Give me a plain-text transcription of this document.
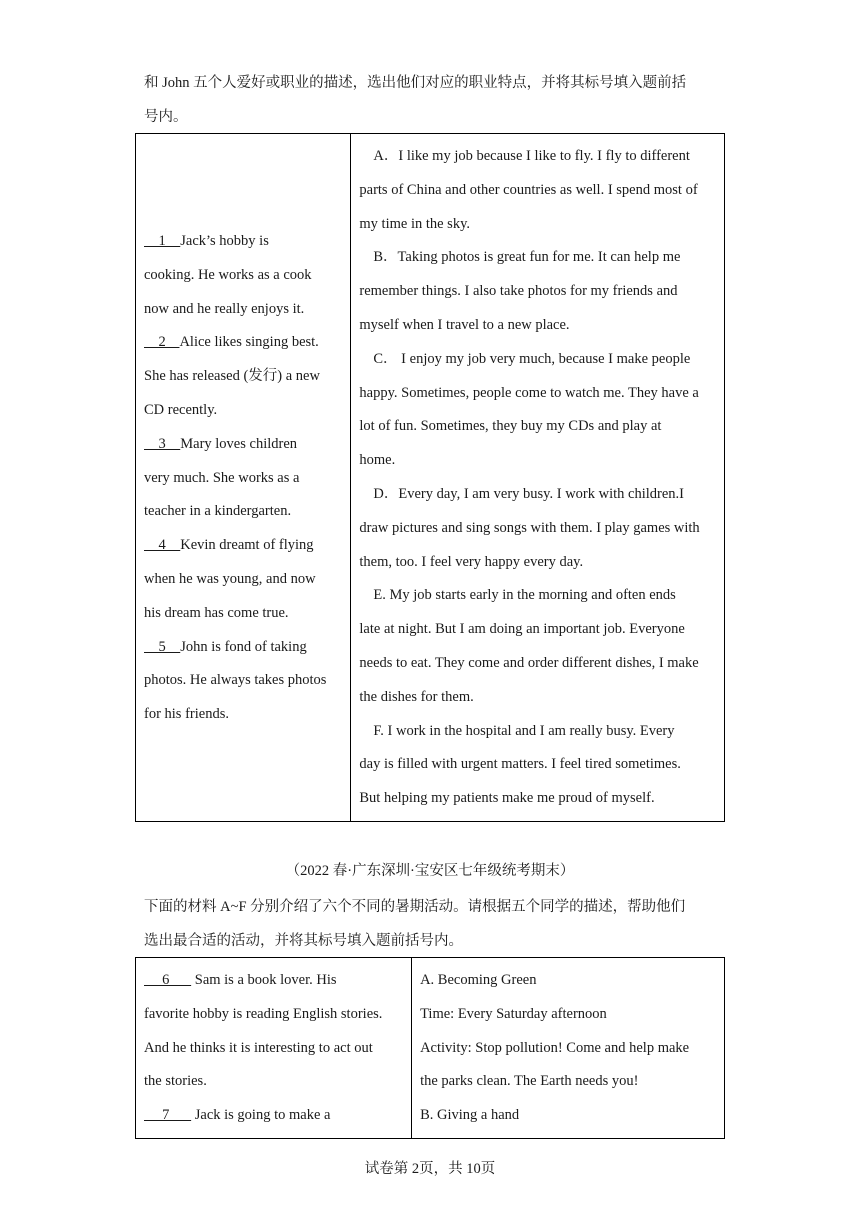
和 John 五个人爱好或职业的描述，选出他们对应的职业特点，并将其标号填入题前括
号内。
1    Jack’s hobby is
cooking. He works as a cook
now and he really enjoys it.
2    Alice likes singing best.
She has released (发行) a new
CD recently.
3    Mary loves children
very much. She works as a
teacher in a kindergarten.
4    Kevin dreamt of flying
when he was young, and now
his dream has come true.
5    John is fond of taking
photos. He always takes photos
for his friends.

A．I like my job because I like to fly. I fly to different
parts of China and other countries as well. I spend most of
my time in the sky.
B．Taking photos is great fun for me. It can help me
remember things. I also take photos for my friends and
myself when I travel to a new place.
C． I enjoy my job very much, because I make people
happy. Sometimes, people come to watch me. They have a
lot of fun. Sometimes, they buy my CDs and play at
home.
D．Every day, I am very busy. I work with children.I
draw pictures and sing songs with them. I play games with
them, too. I feel very happy every day.
E. My job starts early in the morning and often ends
late at night. But I am doing an important job. Everyone
needs to eat. They come and order different dishes, I make
the dishes for them.
F. I work in the hospital and I am really busy. Every
day is filled with urgent matters. I feel tired sometimes.
But helping my patients make me proud of myself.
（2022 春·广东深圳·宝安区七年级统考期末）
下面的材料 A~F 分别介绍了六个不同的暑期活动。请根据五个同学的描述，帮助他们
选出最合适的活动，并将其标号填入题前括号内。
6       Sam is a book lover. His
favorite hobby is reading English stories.
And he thinks it is interesting to act out
the stories.
7       Jack is going to make a

A. Becoming Green
Time: Every Saturday afternoon
Activity: Stop pollution! Come and help make
the parks clean. The Earth needs you!
B. Giving a hand
试卷第 2页，共 10页
